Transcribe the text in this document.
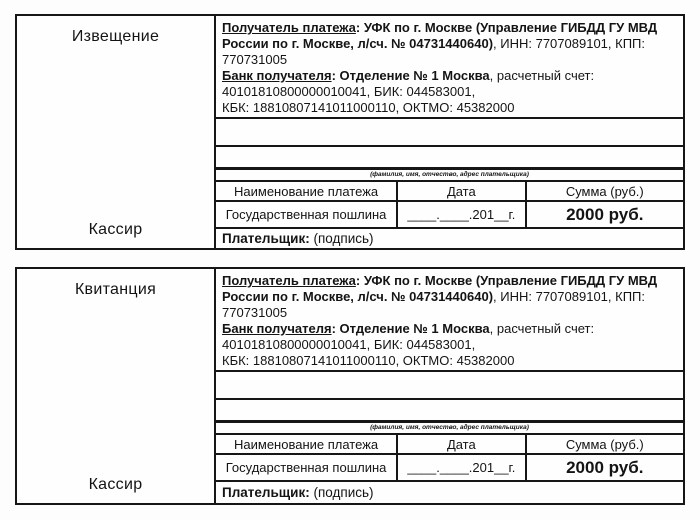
Извещение
Кассир
Получатель платежа: УФК по г. Москве (Управление ГИБДД ГУ МВД России по г. Москве, л/сч. № 04731440640), ИНН: 7707089101, КПП: 770731005
Банк получателя: Отделение № 1 Москва, расчетный счет: 40101810800000010041, БИК: 044583001,
КБК: 18810807141011000110, ОКТМО: 45382000
(фамилия, имя, отчество, адрес плательщика)
Наименование платежа	Дата	Сумма (руб.)
Государственная пошлина	____.____.201__г.	2000 руб.
Плательщик: (подпись)
Квитанция
Кассир
Получатель платежа: УФК по г. Москве (Управление ГИБДД ГУ МВД России по г. Москве, л/сч. № 04731440640), ИНН: 7707089101, КПП: 770731005
Банк получателя: Отделение № 1 Москва, расчетный счет: 40101810800000010041, БИК: 044583001,
КБК: 18810807141011000110, ОКТМО: 45382000
(фамилия, имя, отчество, адрес плательщика)
Наименование платежа	Дата	Сумма (руб.)
Государственная пошлина	____.____.201__г.	2000 руб.
Плательщик: (подпись)
